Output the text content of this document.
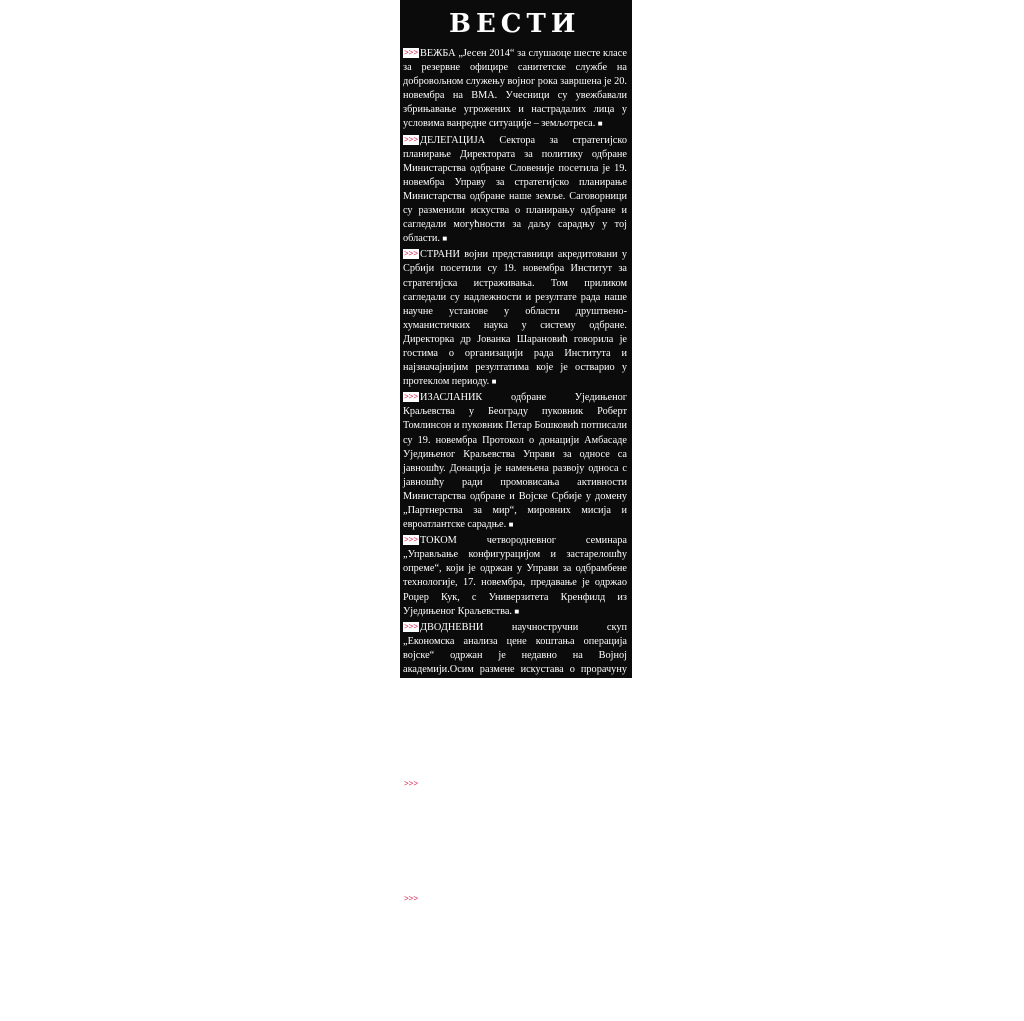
ВЕСТИ

>>> ВЕЖБА „Јесен 2014“ за слушаоце шесте класе за резервне официре санитетске службе на добровољном служењу војног рока завршена је 20. новембра на ВМА. Учесници су увежбавали збрињавање угрожених и настрадалих лица у условима ванредне ситуације – земљотреса. ■

>>> ДЕЛЕГАЦИЈА Сектора за стратегијско планирање Директората за политику одбране Министарства одбране Словеније посетила је 19. новембра Управу за стратегијско планирање Министарства одбране наше земље. Саговорници су разменили искуства о планирању одбране и сагледали могућности за даљу сарадњу у тој области. ■

>>> СТРАНИ војни представници акредитовани у Србији посетили су 19. новембра Институт за стратегијска истраживања. Том приликом сагледали су надлежности и резултате рада наше научне установе у области друштвено-хуманистичких наука у систему одбране. Директорка др Јованка Шарановић говорила је гостима о организацији рада Института и најзначајнијим резултатима које је остварио у протеклом периоду. ■

>>> ИЗАСЛАНИК одбране Уједињеног Краљевства у Београду пуковник Роберт Томлинсон и пуковник Петар Бошковић потписали су 19. новембра Протокол о донацији Амбасаде Уједињеног Краљевства Управи за односе са јавношћу. Донација је намењена развоју односа с јавношћу ради промовисања активности Министарства одбране и Војске Србије у домену „Партнерства за мир“, мировних мисија и евроатлантске сарадње. ■

>>> ТОКОМ четвородневног семинара „Управљање конфигурацијом и застарелошћу опреме“, који је одржан у Управи за одбрамбене технологије, 17. новембра, предавање је одржао Роџер Кук, с Универзитета Кренфилд из Уједињеног Краљевства. ■

>>> ДВОДНЕВНИ научностручни скуп „Економска анализа цене коштања операција војске“ одржан је недавно на Војној академији.Осим размене искустава о прорачуну трошкова пројектовања операција, циљ скупа био је и дефинисање елемената и модела за прорачун цене коштања и рационализације трошкова операција. Сесији „Економска анализа цене коштања операција Војске Србије“ присуствовали су и гости из Чешке, Словеније, Румуније, Аустрије, Црне Горе и Босне и Херцеговине. . ■

>>> ФИЛМ „Историја српске одбрамбене индустрије“ Војнофилмског центра „Застава филм“ освојио је прву награду у категорији наменског филма на Међународном фестивалу војног филма, који је одржан од 9. до 16. новембра у месту Браћано крај Рима. Филм је режирала Драгана Милошевић. На тој смотри учествовало је 19 земаља, с 56 остварења. ■

>>> ВОЈНОФИЛМСКИ центар „Застава филм“ обележио је 14. новембра 66 година постојања. Свечаности су присуствовали представници система одбране и сарадници те установе. Приказан је филм о пројектима у претходној години, који је обухватио информативну делатност, војне вежбе, наставне и промотивне филмове, спотове, као и документарне и кратке игране филмове. ■
